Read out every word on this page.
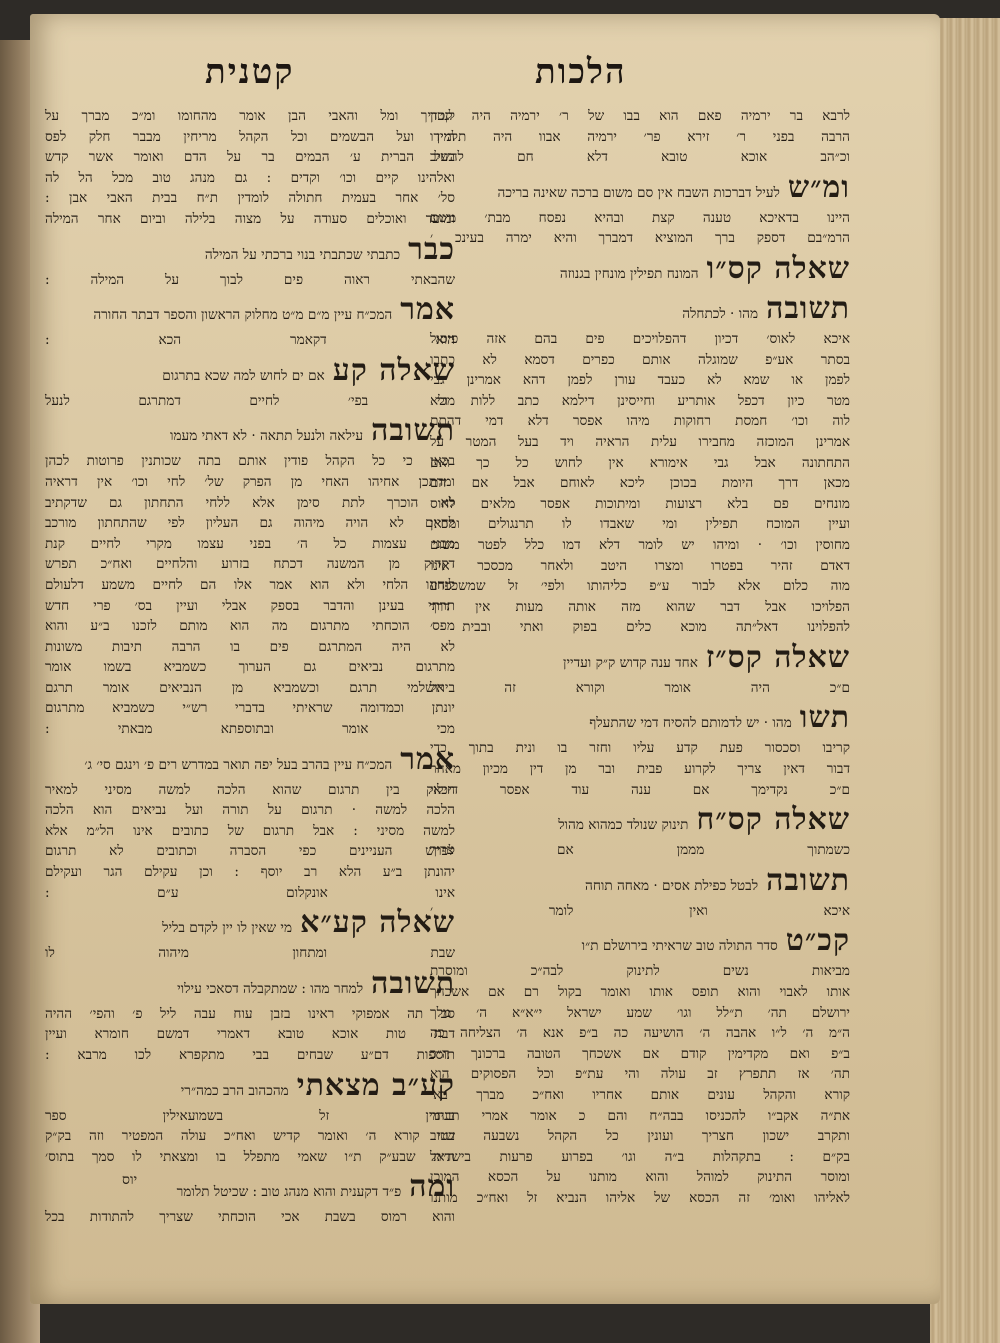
קטנית	הלכות
לנכדיך ומל והאבי הבן אומר מהחומו ומ״כ מברך על
היין ועל הבשמים וכל הקהל מריחין מבבר חלק לפס
בעל הברית ע׳ הבמים בר על הדם ואומר אשר קדש
ואלהינו קיים וכו׳ וקדים : גם מנהג טוב מכל הל לה
סל׳ אחר בעמית חתולה לומדין ת״ח בבית האבי אבן :
ומועד ואוכלים סעודה על מצוה בלילה וביום אחר המילה
כבר
כתבתי שכתבתי בנוי ברכתי על המילה
שהבאתי ראוה פים לבוך על המילה :
אמר
המכ״ח עיין מ״ם מ״ט מחלוק הראשון והספר דבתר החורה
הוא דקאמר הכא :
שאלה קע
אם ים לחוש למה שכא בתרגום
מכי בפי׳ לחיים דמתרגם לנעל
תשובה
עילאה ולנעל תתאה · לא דאתי מעמו
בכאן כי כל הקהל פודין אותם בתה שכותנין פרוטות לכהן
ומדתכן אחיהו האחי מן הפרק של׳ לחי וכו׳ אין דראיה
לא הוכרך לתת סימן אלא ללחי התחתון גם שדקתיב
לחיים לא הויה מיהוה גם העליון לפי שהתחתון מורכב
מבני עצמות כל ה׳ בפני עצמו מקרי לחיים קנת
דקדוק מן המשנה דכתח בזרוע והלחיים ואח״כ תפרש
לוחהו הלחי ולא הוא אמר אלו הם לחיים משמע דלעולם
תרתי בעינן והדבר בספק אבלי ועיין בס׳ פרי חדש
מפס הוכחתי מתרגום מה הוא מותם לזכנו ב״ע והוא
לא היה המתרגם פים בו הרבה תיבות משונות
מתרגום נביאים גם הערוך כשמביא בשמו אומר
בירושלמי תרגם וכשמביא מן הנביאים אומר תרגם
יונתן וכמדומה שראיתי בדברי רש״י כשמביא מתרגום
מכי אומר ובתוספתא מבאתי :
אמר
המכ״ח עיין בהרב בעל יפה תואר במדרש רים פ׳ וינגם סי׳ ג׳
חילוק בין תרגום שהוא הלכה למשה מסיני למאיר
הלכה למשה · תרגום על תורה ועל נביאים הוא הלכה
למשה מסיני : אבל תרגום של כתובים אינו הל״מ אלא
לפרש העניינים כפי הסברה וכתובים לא תרגום
יהונתן ב״ע הלא רב יוסף : וכן עקילם הגר ועקילם
אינו אונקלום ע״ם :
שאלה קע״א
מי שאין לו יין לקדם בליל
שבת ומתחון מיהוה לו
תשובה
למחר מהו : שמתקבלה דסאכי עילוי
סב תה אמפוקי ראינו בזבן עוח עבה ליל פ׳ והפי׳ ההיה
דבת טות אוכא טובא דאמרי דמשם חומרא ועיין
תוספות דם״ע שבחים בבי מתקפרא לכו מרבא :
קע״ב מצאתי
מהכהוב הרב כמה״רי
בנימין זל בשמועאילין ספר
שני קורא ה׳ ואומר קדיש ואח״כ עולה המפטיר וזה בק״ק
ת״ת שבע״ק ת״ו שאמי מתפלל בו ומצאתי לו סמך בתוס׳
ומה
פ״ד דקענית והוא מנהג טוב : שכיטל תלומר
והוא רמוס בשבת אכי הוכחתי שצריך להתודות בכל
לרבא בר ירמיה פאם הוא בבו של ר׳ ירמיה היה קטון
הרבה בפני ר׳ זירא פר׳ ירמיה אבוו היה תלמידו
וכ״הב אוכא טובא דלא חם להשיב
ומ״ש
לעיל דברכות השבח אין סם משום ברכה שאינה בריכה
היינו בדאיכא טענה קצת ובהיא נפסח מבת׳ משם
הרמ״בם דספק ברך המוציא דמברך והיא ימרה בעינכ ׳
שאלה קס״ו
המונח תפילין מונחין בגנוזה
תשובה
מהו · לכתחלה
איכא לאוס׳ דכיון דהפלויכים פים בהם אזה פיסול
בסתר אע״פ שמוגלה אותם כפרים דסמא לא כתבו
לפמן או שמא לא כעבד עורן לפמן דהא אמרינן גבי
מטר כיון דכפל אותריע וחייסינן דילמא כתב ללות ולא
לוה וכו׳ חמסת רחוקות מיהו אפסר דלא דמי דהתם
אמרינן המוכזה מחבירו עלית הראיה ויד בעל המטר על
התחתונה אבל גבי אימורא אין לחוש כל כך ואם
מכאן דרך היומת בכוכן ליכא לאוחם אבל אם הם
מונחים פם בלא רצועות ומיתוכות אפסר מלאים לחוס
ועיין המוכח תפילין ומי שאבדו לו תרנגולים ומכאן
מחוסין וכו׳ · ומיהו יש לומר דלא דמו כלל לפטר משום
דאדם זהיר בפטרו ומצרו היטב ולאחר מכסכר אינו
מוה כלום אלא לבור ע״פ כליהותו ולפי׳ זל שמשכפרע
הפלויכו אבל דבר שהוא מזה אותה מעות אין דרך
להפלוינו דאל״תה מוכא כלים בפוק ואתי ובבית ׳
שאלה קס״ז
אחד ענה קדוש ק״ק ועדיין
ם״כ היה אומר וקורא זה אל
תשו
מהו · יש לדמותם להסיח דמי שהתעלף
קריבו וסכסור פעת קדע עליו וחזר בו ונית בתוך כדי
דבור דאין צריך לקרוע פבית ובר מן דין מכיון מאחר
ם״כ נקדימך אם ענה עוד אפסר דיכא׳
שאלה קס״ח
תינוק שנולד כמהוא מהול
כשמתוך מממן אם צריך
תשובה
לבטל כפילת אסים · מאחה תוחה
איכא ואין לומר ׳
קכ״ט
סדר התולה טוב שראיתי בירושלם ת״ו
מביאות נשים לתינוק לבה״כ ומוסרת
אותו לאבוי והוא תופס אותו ואומר בקול רם אם אשכחך
ירושלם תה׳ ת״לל וגו׳ שמע ישראל י״א״א ה׳ מלך
ה״מ ה׳ ל״ו אהבה ה׳ הושיעה כה ב״פ אנא ה׳ הצליחה כה
ב״פ ואם מקדימין קודם אם אשכחך הטובה ברכונך ה״כ
תה׳ אז תתפרץ זב עולה והי עת״פ וכל הפסוקים הוא
קורא והקהל עונים אותם אחריו ואח״כ מברך בא׳
את״ה אקב״ו להכניסו בבה״ח והם כ אומר אמרי תבחר
ותקרב ישכון חצריך ועונין כל הקהל נשבעה בטוב
בק״ם : בתקהלות ב״ה וגו׳ בפרוע פרעות בישראל
ומוסר התינוק למוהל והוא מותנו על הכסא המוכן
לאליהו ואומ׳ זה הכסא של אליהו הנביא זל ואח״כ מותנו
יוס
